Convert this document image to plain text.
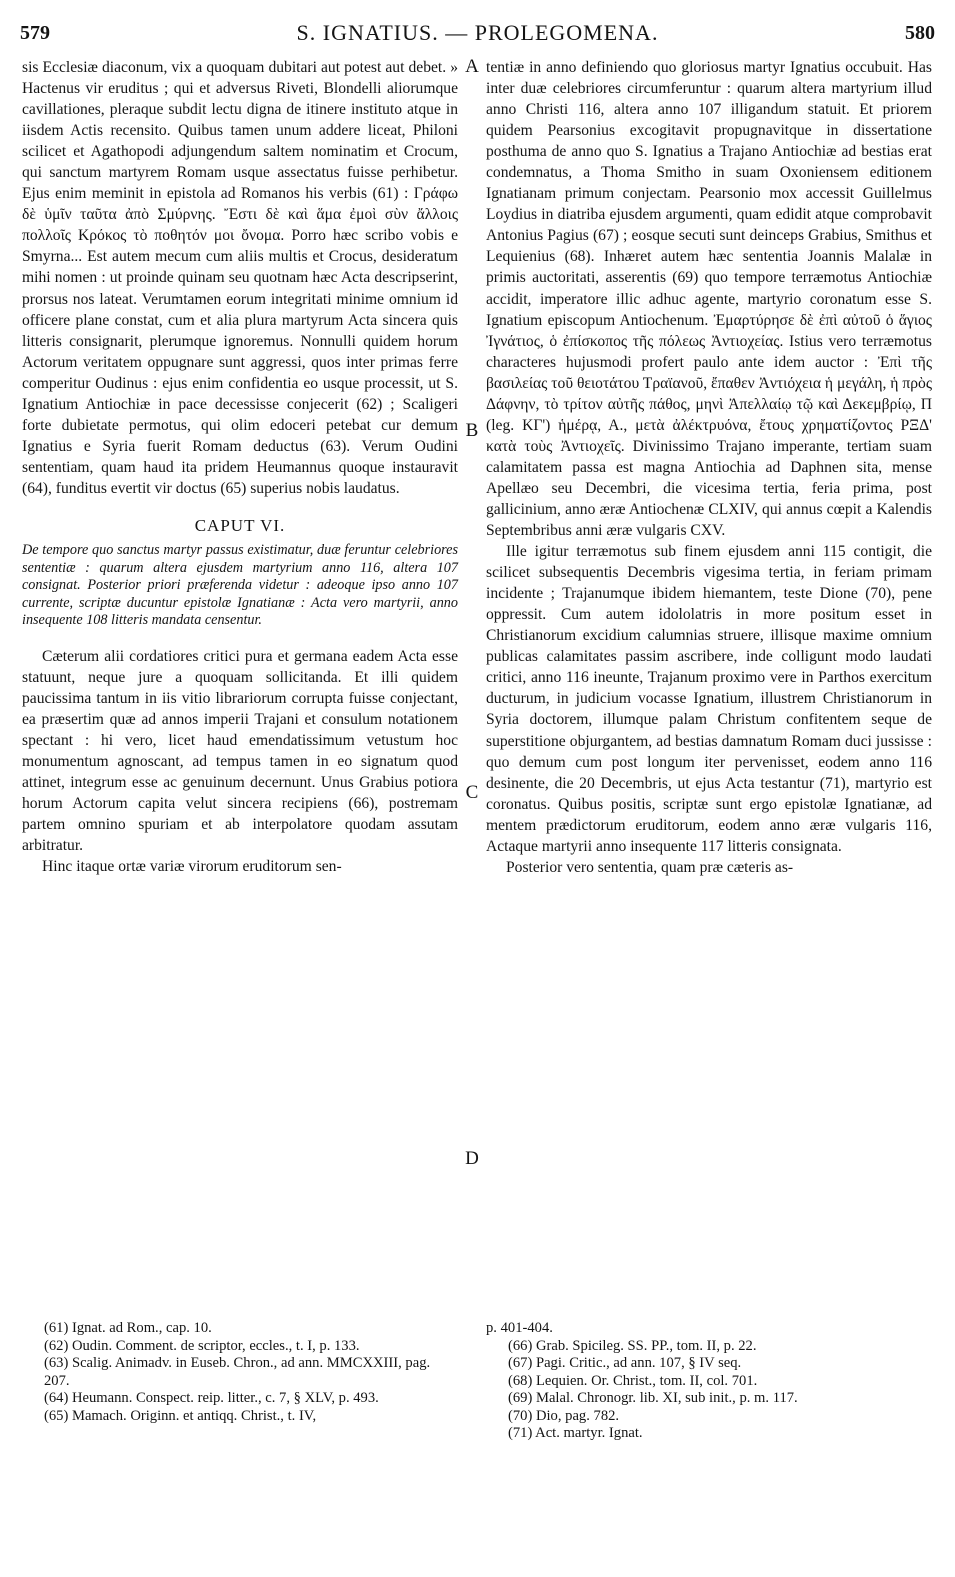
579	S. IGNATIUS. — PROLEGOMENA.	580
A
B
C
D

sis Ecclesiæ diaconum, vix a quoquam dubitari aut potest aut debet. » Hactenus vir eruditus ; qui et adversus Riveti, Blondelli aliorumque cavillationes, pleraque subdit lectu digna de itinere instituto atque in iisdem Actis recensito. Quibus tamen unum addere liceat, Philoni scilicet et Agathopodi adjungendum saltem nominatim et Crocum, qui sanctum martyrem Romam usque assectatus fuisse perhibetur. Ejus enim meminit in epistola ad Romanos his verbis (61) : Γράφω δὲ ὑμῖν ταῦτα ἀπὸ Σμύρνης. Ἔστι δὲ καὶ ἅμα ἐμοὶ σὺν ἄλλοις πολλοῖς Κρόκος τὸ ποθητόν μοι ὄνομα. Porro hæc scribo vobis e Smyrna... Est autem mecum cum aliis multis et Crocus, desideratum mihi nomen : ut proinde quinam seu quotnam hæc Acta descripserint, prorsus nos lateat. Verumtamen eorum integritati minime omnium id officere plane constat, cum et alia plura martyrum Acta sincera quis litteris consignarit, plerumque ignoremus. Nonnulli quidem horum Actorum veritatem oppugnare sunt aggressi, quos inter primas ferre comperitur Oudinus : ejus enim confidentia eo usque processit, ut S. Ignatium Antiochiæ in pace decessisse conjecerit (62) ; Scaligeri forte dubietate permotus, qui olim edoceri petebat cur demum Ignatius e Syria fuerit Romam deductus (63). Verum Oudini sententiam, quam haud ita pridem Heumannus quoque instauravit (64), funditus evertit vir doctus (65) superius nobis laudatus.

CAPUT VI.

De tempore quo sanctus martyr passus existimatur, duæ feruntur celebriores sententiæ : quarum altera ejusdem martyrium anno 116, altera 107 consignat. Posterior priori præferenda videtur : adeoque ipso anno 107 currente, scriptæ ducuntur epistolæ Ignatianæ : Acta vero martyrii, anno insequente 108 litteris mandata censentur.

Cæterum alii cordatiores critici pura et germana eadem Acta esse statuunt, neque jure a quoquam sollicitanda. Et illi quidem paucissima tantum in iis vitio librariorum corrupta fuisse conjectant, ea præsertim quæ ad annos imperii Trajani et consulum notationem spectant : hi vero, licet haud emendatissimum vetustum hoc monumentum agnoscant, ad tempus tamen in eo signatum quod attinet, integrum esse ac genuinum decernunt. Unus Grabius potiora horum Actorum capita velut sincera recipiens (66), postremam partem omnino spuriam et ab interpolatore quodam assutam arbitratur.

Hinc itaque ortæ variæ virorum eruditorum sen-

tentiæ in anno definiendo quo gloriosus martyr Ignatius occubuit. Has inter duæ celebriores circumferuntur : quarum altera martyrium illud anno Christi 116, altera anno 107 illigandum statuit. Et priorem quidem Pearsonius excogitavit propugnavitque in dissertatione posthuma de anno quo S. Ignatius a Trajano Antiochiæ ad bestias erat condemnatus, a Thoma Smitho in suam Oxoniensem editionem Ignatianam primum conjectam. Pearsonio mox accessit Guillelmus Loydius in diatriba ejusdem argumenti, quam edidit atque comprobavit Antonius Pagius (67) ; eosque secuti sunt deinceps Grabius, Smithus et Lequienius (68). Inhæret autem hæc sententia Joannis Malalæ in primis auctoritati, asserentis (69) quo tempore terræmotus Antiochiæ accidit, imperatore illic adhuc agente, martyrio coronatum esse S. Ignatium episcopum Antiochenum. Ἐμαρτύρησε δὲ ἐπὶ αὐτοῦ ὁ ἅγιος Ἰγνάτιος, ὁ ἐπίσκοπος τῆς πόλεως Ἀντιοχείας. Istius vero terræmotus characteres hujusmodi profert paulo ante idem auctor : Ἐπὶ τῆς βασιλείας τοῦ θειοτάτου Τραϊανοῦ, ἔπαθεν Ἀντιόχεια ἡ μεγάλη, ἡ πρὸς Δάφνην, τὸ τρίτον αὐτῆς πάθος, μηνὶ Ἀπελλαίῳ τῷ καὶ Δεκεμβρίῳ, Π (leg. ΚΓ') ἡμέρᾳ, Α., μετὰ ἀλέκτρυόνα, ἔτους χρηματίζοντος ΡΞΔ' κατὰ τοὺς Ἀντιοχεῖς. Divinissimo Trajano imperante, tertiam suam calamitatem passa est magna Antiochia ad Daphnen sita, mense Apellæo seu Decembri, die vicesima tertia, feria prima, post gallicinium, anno æræ Antiochenæ CLXIV, qui annus cœpit a Kalendis Septembribus anni æræ vulgaris CXV.

Ille igitur terræmotus sub finem ejusdem anni 115 contigit, die scilicet subsequentis Decembris vigesima tertia, in feriam primam incidente ; Trajanumque ibidem hiemantem, teste Dione (70), pene oppressit. Cum autem idololatris in more positum esset in Christianorum excidium calumnias struere, illisque maxime omnium publicas calamitates passim ascribere, inde colligunt modo laudati critici, anno 116 ineunte, Trajanum proximo vere in Parthos exercitum ducturum, in judicium vocasse Ignatium, illustrem Christianorum in Syria doctorem, illumque palam Christum confitentem seque de superstitione objurgantem, ad bestias damnatum Romam duci jussisse : quo demum cum post longum iter pervenisset, eodem anno 116 desinente, die 20 Decembris, ut ejus Acta testantur (71), martyrio est coronatus. Quibus positis, scriptæ sunt ergo epistolæ Ignatianæ, ad mentem prædictorum eruditorum, eodem anno æræ vulgaris 116, Actaque martyrii anno insequente 117 litteris consignata.

Posterior vero sententia, quam præ cæteris as-

(61) Ignat. ad Rom., cap. 10.

(62) Oudin. Comment. de scriptor, eccles., t. I, p. 133.

(63) Scalig. Animadv. in Euseb. Chron., ad ann. MMCXXIII, pag. 207.

(64) Heumann. Conspect. reip. litter., c. 7, § XLV, p. 493.

(65) Mamach. Originn. et antiqq. Christ., t. IV,

p. 401-404.

(66) Grab. Spicileg. SS. PP., tom. II, p. 22.

(67) Pagi. Critic., ad ann. 107, § IV seq.

(68) Lequien. Or. Christ., tom. II, col. 701.

(69) Malal. Chronogr. lib. XI, sub init., p. m. 117.

(70) Dio, pag. 782.

(71) Act. martyr. Ignat.
